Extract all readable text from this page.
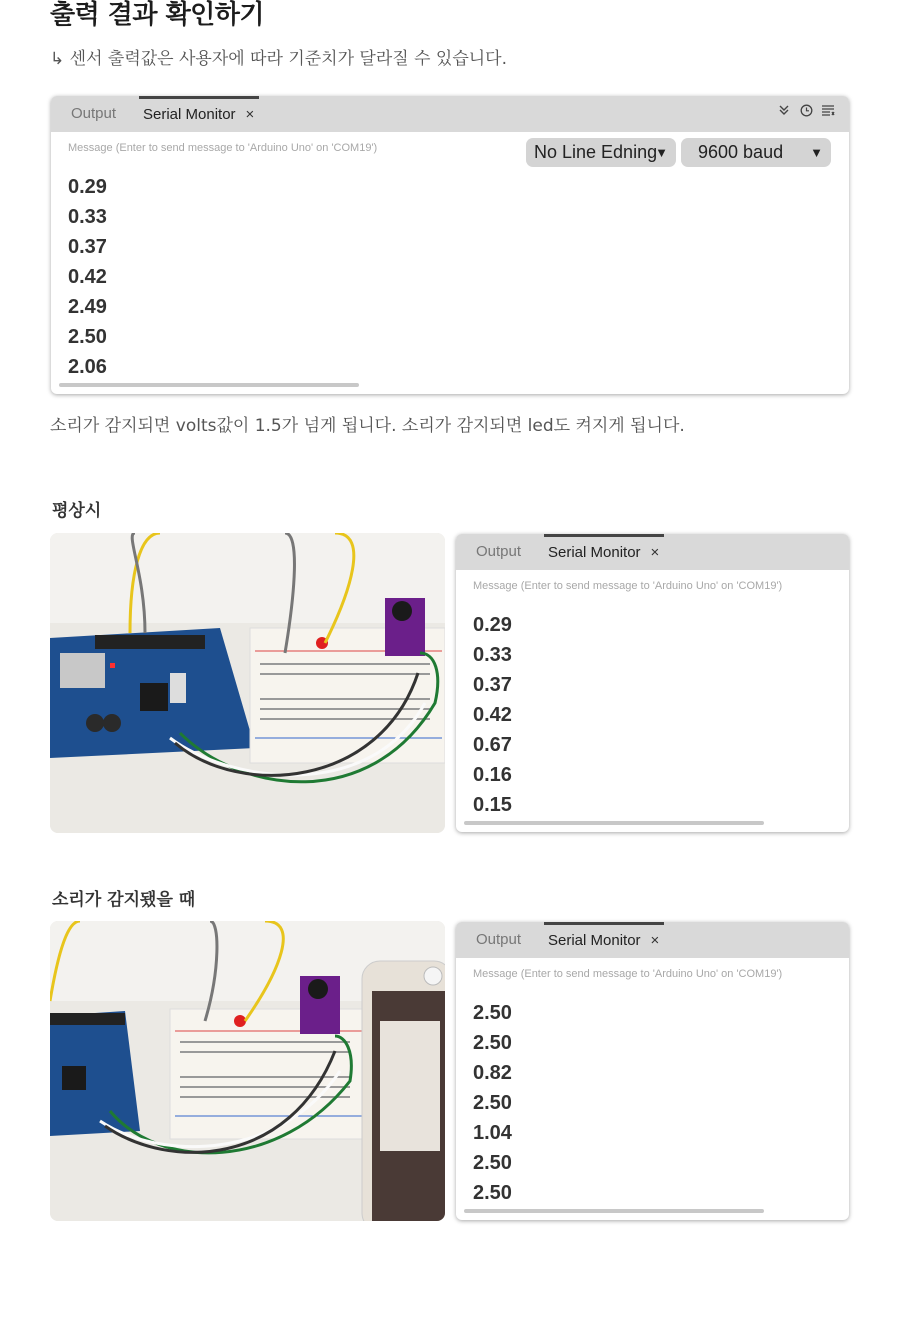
출력 결과 확인하기
↳ 센서 출력값은 사용자에 따라 기준치가 달라질 수 있습니다.
Output Serial Monitor ×
Message (Enter to send message to 'Arduino Uno' on 'COM19')	No Line Edning
▼	9600 baud ▼
0.29
0.33
0.37
0.42
2.49
2.50
2.06
소리가 감지되면 volts값이 1.5가 넘게 됩니다. 소리가 감지되면 led도 켜지게 됩니다.
평상시
Output Serial Monitor ×
Message (Enter to send message to 'Arduino Uno' on 'COM19')
0.29
0.33
0.37
0.42
0.67
0.16
0.15
소리가 감지됐을 때
Output Serial Monitor ×
Message (Enter to send message to 'Arduino Uno' on 'COM19')
2.50
2.50
0.82
2.50
1.04
2.50
2.50
